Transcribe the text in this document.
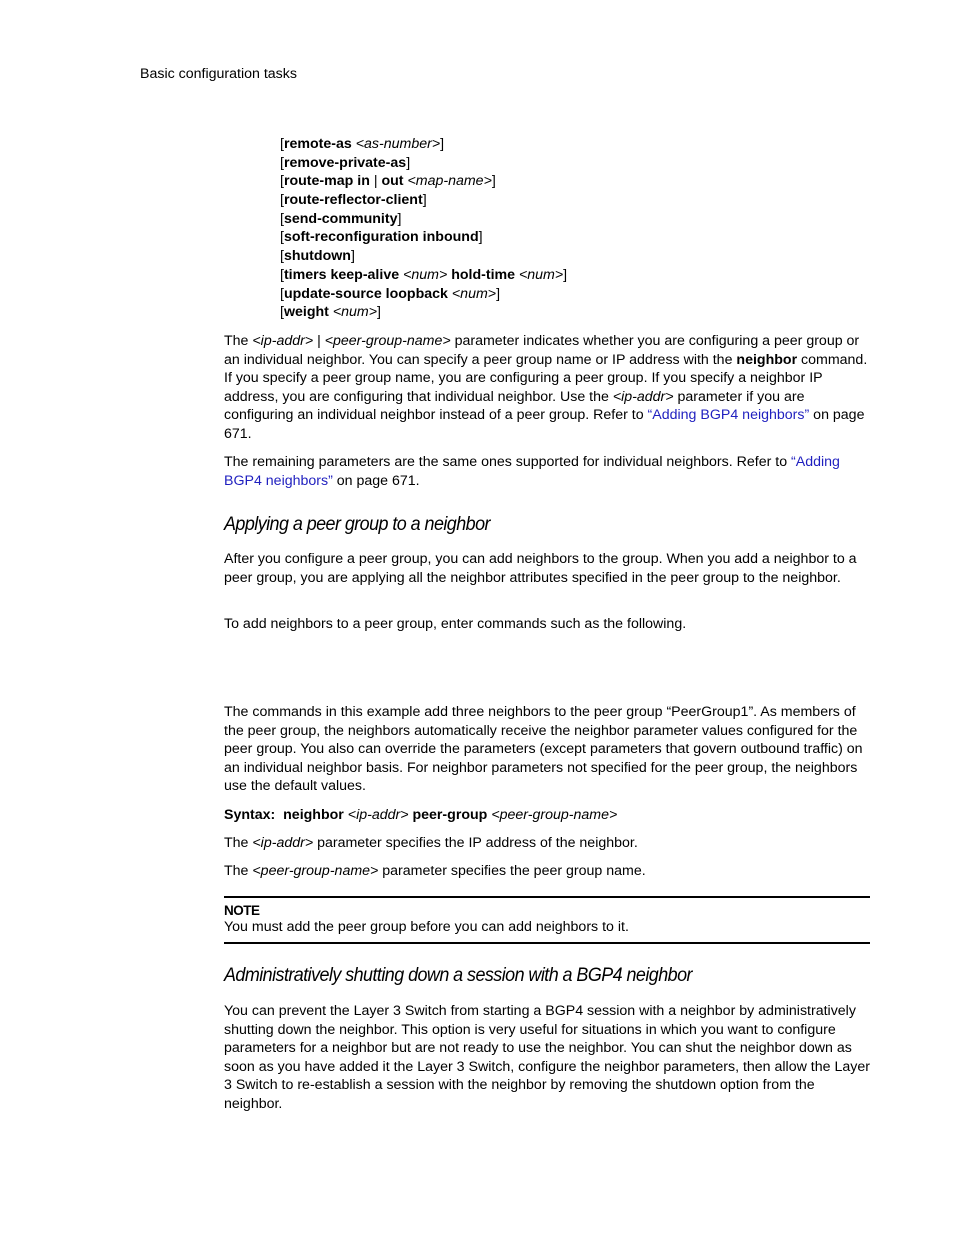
Basic configuration tasks
[remote-as <as-number>]
[remove-private-as]
[route-map in | out <map-name>]
[route-reflector-client]
[send-community]
[soft-reconfiguration inbound]
[shutdown]
[timers keep-alive <num> hold-time <num>]
[update-source loopback <num>]
[weight <num>]

The <ip-addr> | <peer-group-name> parameter indicates whether you are configuring a peer group or an individual neighbor. You can specify a peer group name or IP address with the neighbor command. If you specify a peer group name, you are configuring a peer group. If you specify a neighbor IP address, you are configuring that individual neighbor. Use the <ip-addr> parameter if you are configuring an individual neighbor instead of a peer group. Refer to “Adding BGP4 neighbors” on page 671.

The remaining parameters are the same ones supported for individual neighbors. Refer to “Adding BGP4 neighbors” on page 671.

Applying a peer group to a neighbor

After you configure a peer group, you can add neighbors to the group. When you add a neighbor to a peer group, you are applying all the neighbor attributes specified in the peer group to the neighbor.

To add neighbors to a peer group, enter commands such as the following.

The commands in this example add three neighbors to the peer group “PeerGroup1”. As members of the peer group, the neighbors automatically receive the neighbor parameter values configured for the peer group. You also can override the parameters (except parameters that govern outbound traffic) on an individual neighbor basis. For neighbor parameters not specified for the peer group, the neighbors use the default values.

Syntax: neighbor <ip-addr> peer-group <peer-group-name>

The <ip-addr> parameter specifies the IP address of the neighbor.

The <peer-group-name> parameter specifies the peer group name.

NOTE
You must add the peer group before you can add neighbors to it.
Administratively shutting down a session with a BGP4 neighbor

You can prevent the Layer 3 Switch from starting a BGP4 session with a neighbor by administratively shutting down the neighbor. This option is very useful for situations in which you want to configure parameters for a neighbor but are not ready to use the neighbor. You can shut the neighbor down as soon as you have added it the Layer 3 Switch, configure the neighbor parameters, then allow the Layer 3 Switch to re-establish a session with the neighbor by removing the shutdown option from the neighbor.
